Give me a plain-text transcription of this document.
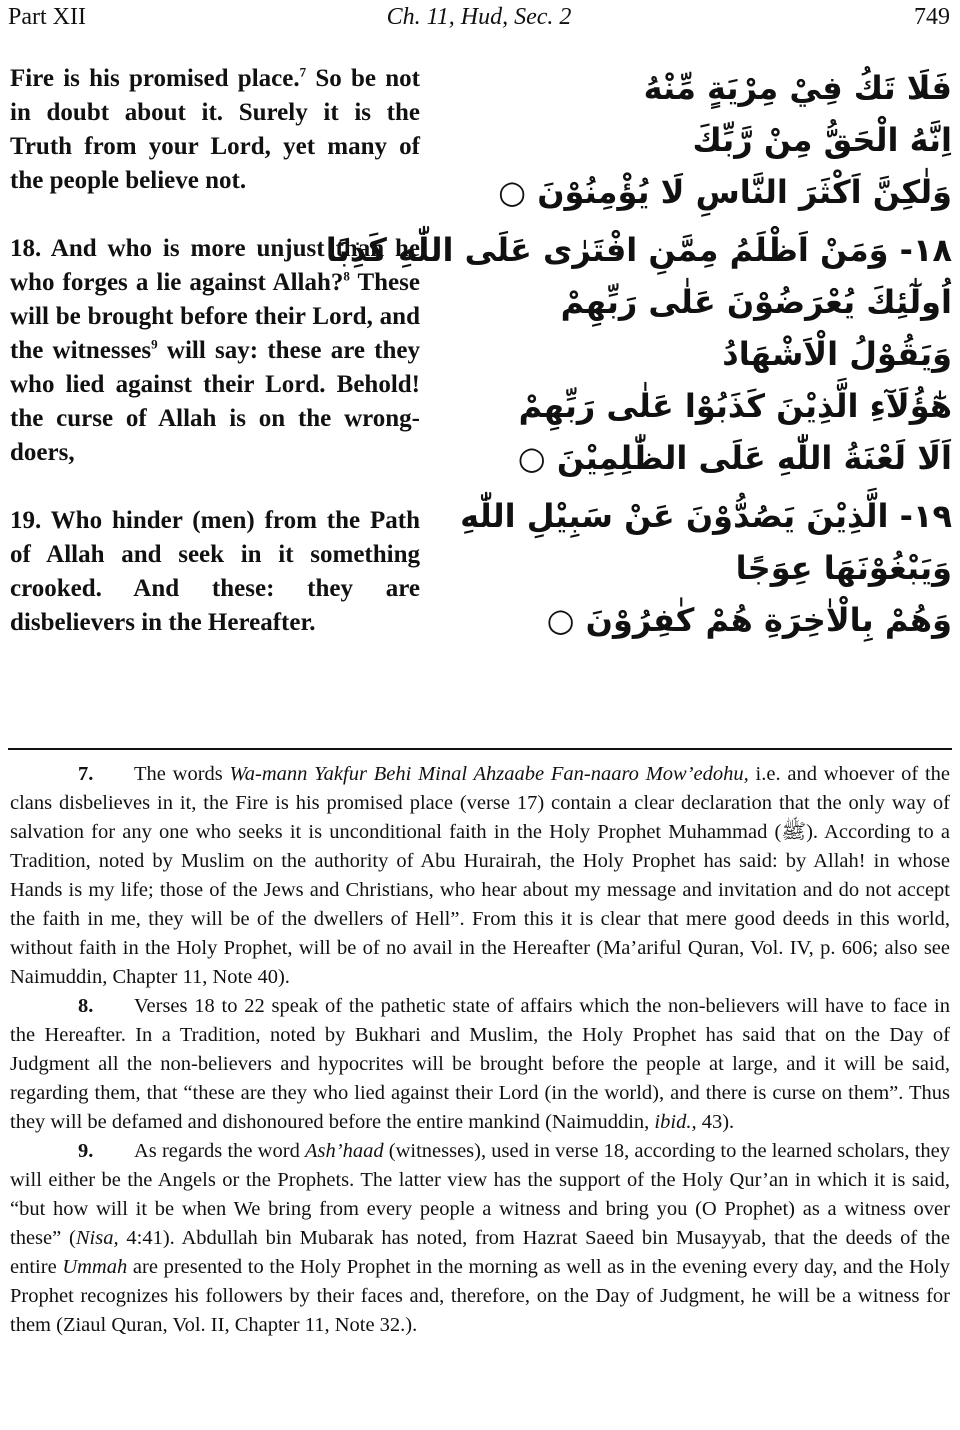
Part XII	Ch. 11, Hud, Sec. 2	749

Fire is his promised place.$^7$ So be not in doubt about it. Surely it is the Truth from your Lord, yet many of the people believe not.

18. And who is more unjust than he who forges a lie against Allah?$^8$ These will be brought before their Lord, and the witnesses$^9$ will say: these are they who lied against their Lord. Behold! the curse of Allah is on the wrong-doers,

19. Who hinder (men) from the Path of Allah and seek in it something crooked. And these: they are disbelievers in the Hereafter.

فَلَا تَكُ فِيْ مِرْيَةٍ مِّنْهُ
اِنَّهُ الْحَقُّ مِنْ رَّبِّكَ
وَلٰكِنَّ اَكْثَرَ النَّاسِ لَا يُؤْمِنُوْنَ ○
١٨- وَمَنْ اَظْلَمُ مِمَّنِ افْتَرٰى عَلَى اللّٰهِ كَذِبًا
اُولٰٓئِكَ يُعْرَضُوْنَ عَلٰى رَبِّهِمْ
وَيَقُوْلُ الْاَشْهَادُ
هٰٓؤُلَآءِ الَّذِيْنَ كَذَبُوْا عَلٰى رَبِّهِمْ
اَلَا لَعْنَةُ اللّٰهِ عَلَى الظّٰلِمِيْنَ ○
١٩- الَّذِيْنَ يَصُدُّوْنَ عَنْ سَبِيْلِ اللّٰهِ
وَيَبْغُوْنَهَا عِوَجًا
وَهُمْ بِالْاٰخِرَةِ هُمْ كٰفِرُوْنَ ○

7. The words Wa-mann Yakfur Behi Minal Ahzaabe Fan-naaro Mow’edohu, i.e. and whoever of the clans disbelieves in it, the Fire is his promised place (verse 17) contain a clear declaration that the only way of salvation for any one who seeks it is unconditional faith in the Holy Prophet Muhammad (ﷺ). According to a Tradition, noted by Muslim on the authority of Abu Hurairah, the Holy Prophet has said: by Allah! in whose Hands is my life; those of the Jews and Christians, who hear about my message and invitation and do not accept the faith in me, they will be of the dwellers of Hell”. From this it is clear that mere good deeds in this world, without faith in the Holy Prophet, will be of no avail in the Hereafter (Ma’ariful Quran, Vol. IV, p. 606; also see Naimuddin, Chapter 11, Note 40).

8. Verses 18 to 22 speak of the pathetic state of affairs which the non-believers will have to face in the Hereafter. In a Tradition, noted by Bukhari and Muslim, the Holy Prophet has said that on the Day of Judgment all the non-believers and hypocrites will be brought before the people at large, and it will be said, regarding them, that “these are they who lied against their Lord (in the world), and there is curse on them”. Thus they will be defamed and dishonoured before the entire mankind (Naimuddin, ibid., 43).

9. As regards the word Ash’haad (witnesses), used in verse 18, according to the learned scholars, they will either be the Angels or the Prophets. The latter view has the support of the Holy Qur’an in which it is said, “but how will it be when We bring from every people a witness and bring you (O Prophet) as a witness over these” (Nisa, 4:41). Abdullah bin Mubarak has noted, from Hazrat Saeed bin Musayyab, that the deeds of the entire Ummah are presented to the Holy Prophet in the morning as well as in the evening every day, and the Holy Prophet recognizes his followers by their faces and, therefore, on the Day of Judgment, he will be a witness for them (Ziaul Quran, Vol. II, Chapter 11, Note 32.).
